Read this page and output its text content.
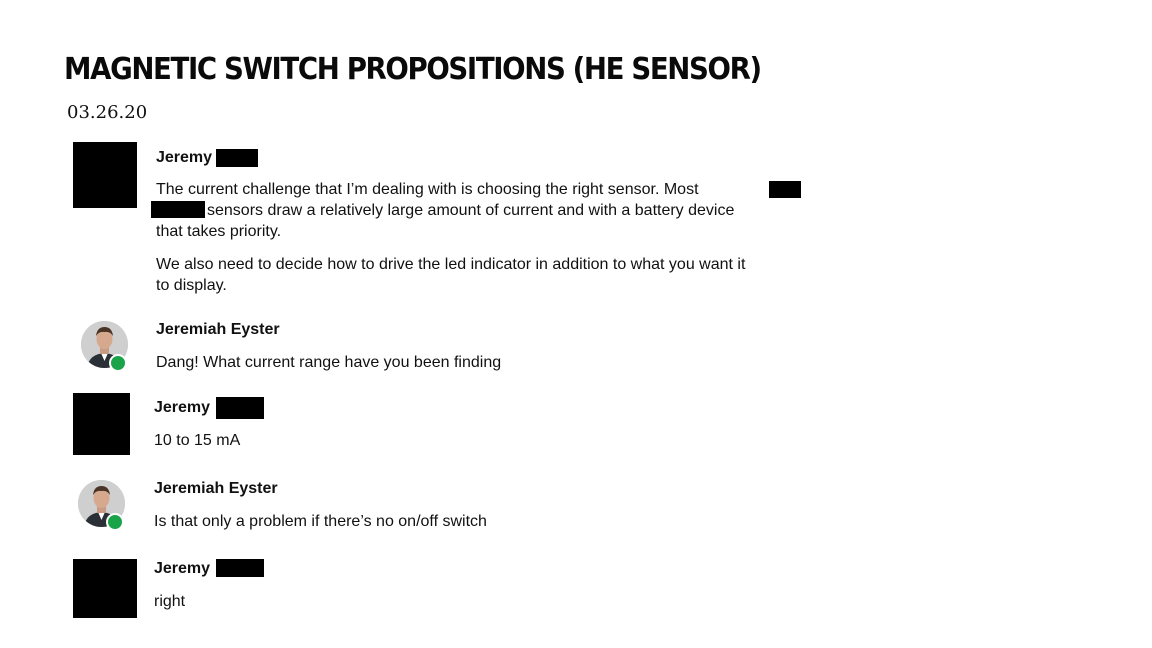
MAGNETIC SWITCH PROPOSITIONS (HE SENSOR)
03.26.20
Jeremy
The current challenge that I’m dealing with is choosing the right sensor. Most
sensors draw a relatively large amount of current and with a battery device
that takes priority.
We also need to decide how to drive the led indicator in addition to what you want it
to display.
Jeremiah Eyster
Dang! What current range have you been finding
Jeremy
10 to 15 mA
Jeremiah Eyster
Is that only a problem if there’s no on/off switch
Jeremy
right
